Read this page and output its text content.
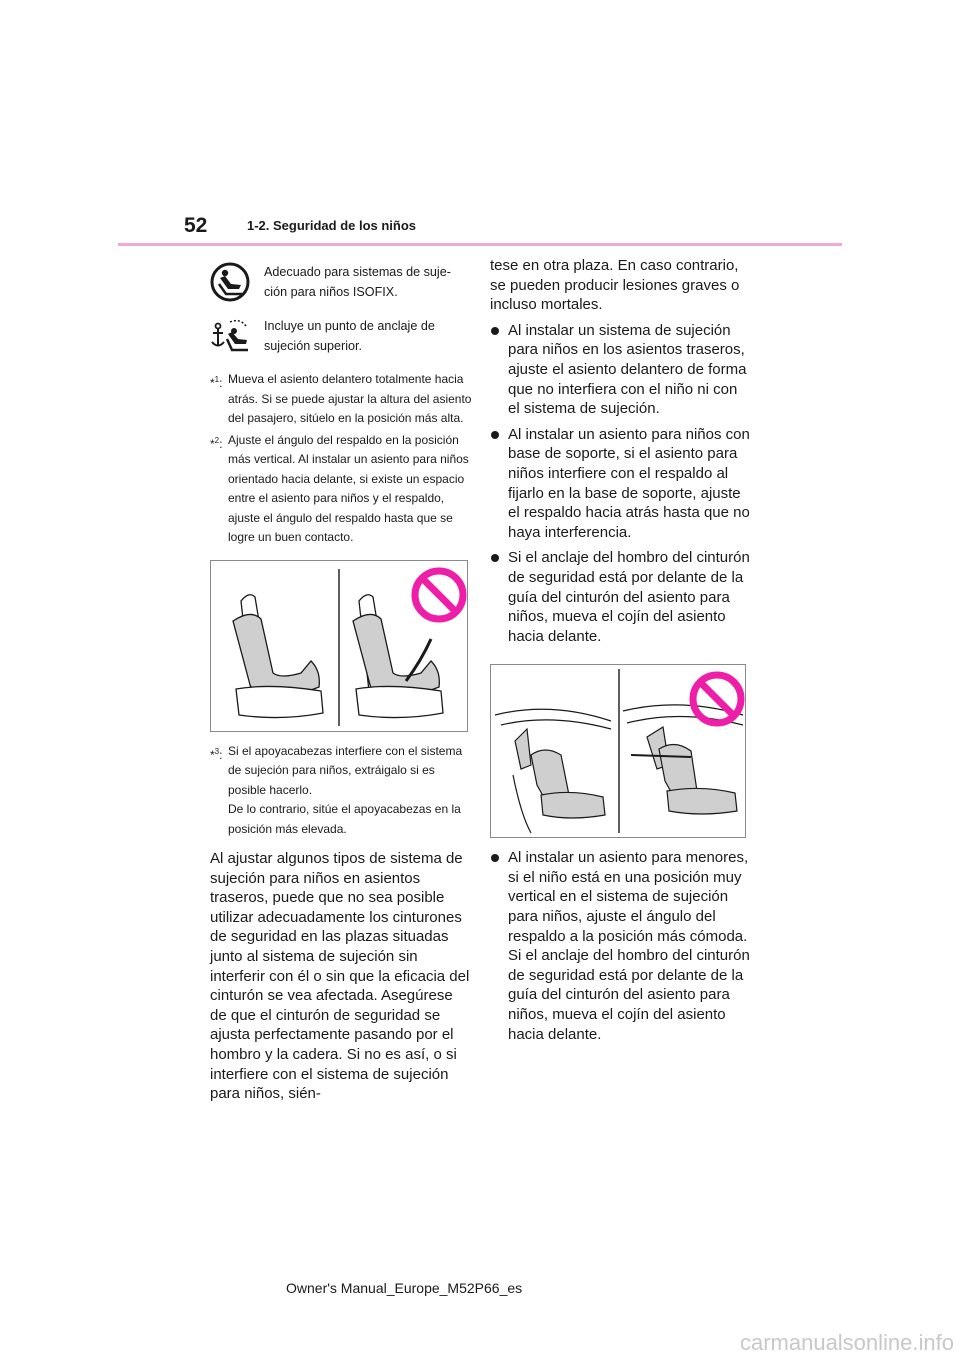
52	1-2. Seguridad de los niños
Adecuado para sistemas de suje-
ción para niños ISOFIX.
Incluye un punto de anclaje de
sujeción superior.
*$^1$: Mueva el asiento delantero totalmente hacia atrás. Si se puede ajustar la altura del asiento del pasajero, sitúelo en la posición más alta.
*$^2$: Ajuste el ángulo del respaldo en la posición más vertical. Al instalar un asiento para niños orientado hacia delante, si existe un espacio entre el asiento para niños y el respaldo, ajuste el ángulo del respaldo hasta que se logre un buen contacto.
*$^3$: Si el apoyacabezas interfiere con el sistema de sujeción para niños, extráigalo si es posible hacerlo.
De lo contrario, sitúe el apoyacabezas en la posición más elevada.
Al ajustar algunos tipos de sistema de sujeción para niños en asientos traseros, puede que no sea posible utilizar adecuadamente los cinturones de seguridad en las plazas situadas junto al sistema de sujeción sin interferir con él o sin que la eficacia del cinturón se vea afectada. Asegúrese de que el cinturón de seguridad se ajusta perfectamente pasando por el hombro y la cadera. Si no es así, o si interfiere con el sistema de sujeción para niños, sién-
tese en otra plaza. En caso contrario, se pueden producir lesiones graves o incluso mortales.
Al instalar un sistema de sujeción para niños en los asientos traseros, ajuste el asiento delantero de forma que no interfiera con el niño ni con el sistema de sujeción.
Al instalar un asiento para niños con base de soporte, si el asiento para niños interfiere con el respaldo al fijarlo en la base de soporte, ajuste el respaldo hacia atrás hasta que no haya interferencia.
Si el anclaje del hombro del cinturón de seguridad está por delante de la guía del cinturón del asiento para niños, mueva el cojín del asiento hacia delante.
Al instalar un asiento para menores, si el niño está en una posición muy vertical en el sistema de sujeción para niños, ajuste el ángulo del respaldo a la posición más cómoda. Si el anclaje del hombro del cinturón de seguridad está por delante de la guía del cinturón del asiento para niños, mueva el cojín del asiento hacia delante.
Owner's Manual_Europe_M52P66_es
carmanualsonline.info
